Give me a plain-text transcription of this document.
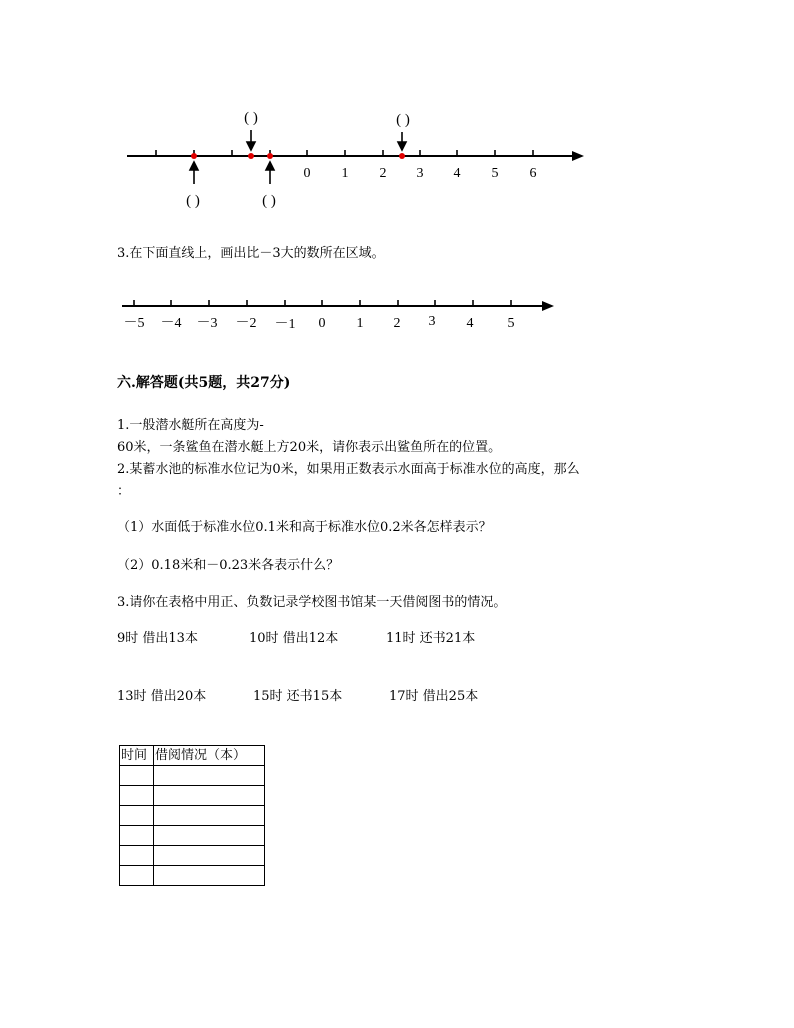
0 1 2 3 4 5 6
( )	( )
( )	( )
3.在下面直线上，画出比－3大的数所在区域。
－5 －4 －3 －2 －1 0 1 2 3 4 5
六.解答题(共5题，共27分)
1.一般潜水艇所在高度为-
60米，一条鲨鱼在潜水艇上方20米，请你表示出鲨鱼所在的位置。
2.某蓄水池的标准水位记为0米，如果用正数表示水面高于标准水位的高度，那么
：
（1）水面低于标准水位0.1米和高于标准水位0.2米各怎样表示？
（2）0.18米和－0.23米各表示什么？
3.请你在表格中用正、负数记录学校图书馆某一天借阅图书的情况。
9时 借出13本	10时 借出12本	11时 还书21本
13时 借出20本	15时 还书15本	17时 借出25本
时间	借阅情况（本）
